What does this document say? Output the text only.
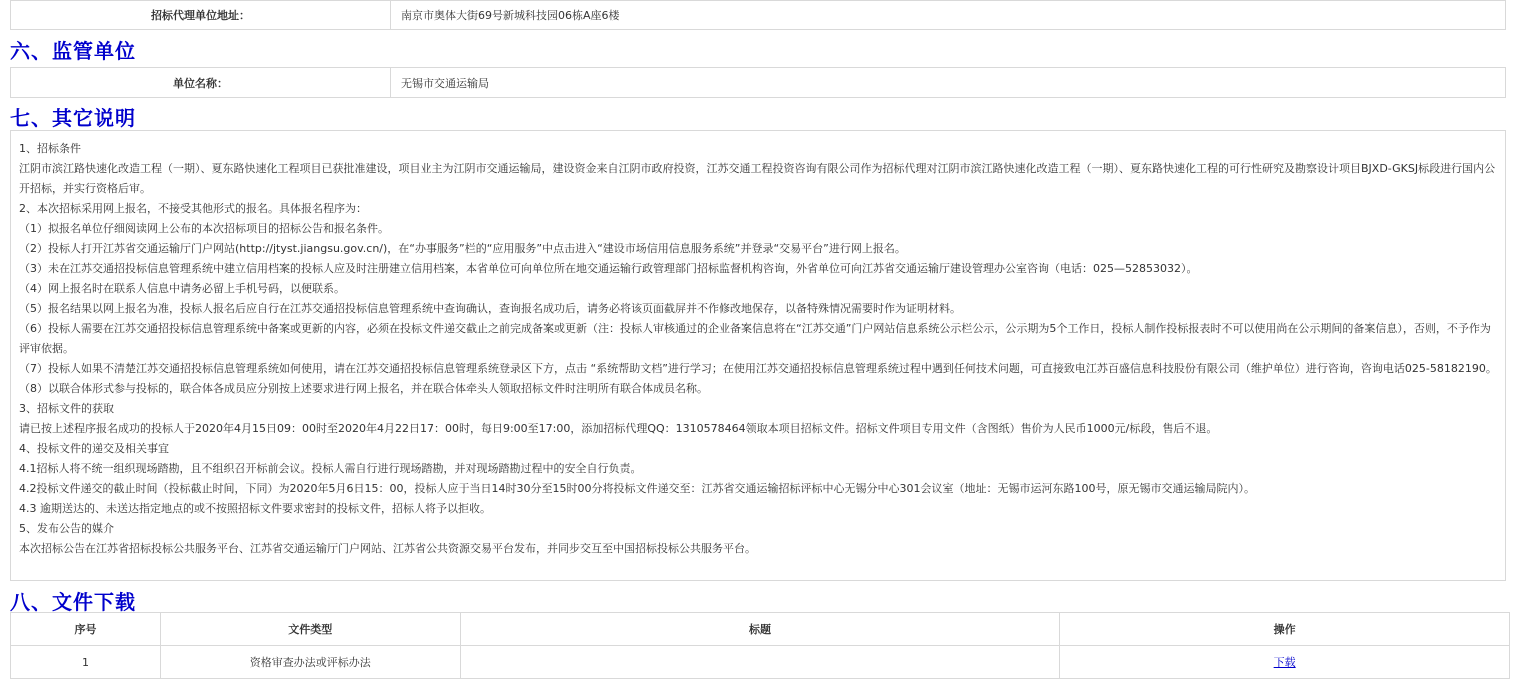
招标代理单位地址：	南京市奥体大街69号新城科技园06栋A座6楼
六、监管单位
单位名称：	无锡市交通运输局
七、其它说明

1、招标条件

江阴市滨江路快速化改造工程（一期）、夏东路快速化工程项目已获批准建设，项目业主为江阴市交通运输局，建设资金来自江阴市政府投资，江苏交通工程投资咨询有限公司作为招标代理对江阴市滨江路快速化改造工程（一期）、夏东路快速化工程的可行性研究及勘察设计项目BJXD-GKSJ标段进行国内公开招标，并实行资格后审。

2、本次招标采用网上报名，不接受其他形式的报名。具体报名程序为：

（1）拟报名单位仔细阅读网上公布的本次招标项目的招标公告和报名条件。

（2）投标人打开江苏省交通运输厅门户网站(http://jtyst.jiangsu.gov.cn/)，在“办事服务”栏的“应用服务”中点击进入“建设市场信用信息服务系统”并登录“交易平台”进行网上报名。

（3）未在江苏交通招投标信息管理系统中建立信用档案的投标人应及时注册建立信用档案，本省单位可向单位所在地交通运输行政管理部门招标监督机构咨询，外省单位可向江苏省交通运输厅建设管理办公室咨询（电话：025—52853032）。

（4）网上报名时在联系人信息中请务必留上手机号码，以便联系。

（5）报名结果以网上报名为准，投标人报名后应自行在江苏交通招投标信息管理系统中查询确认，查询报名成功后，请务必将该页面截屏并不作修改地保存，以备特殊情况需要时作为证明材料。

（6）投标人需要在江苏交通招投标信息管理系统中备案或更新的内容，必须在投标文件递交截止之前完成备案或更新（注：投标人审核通过的企业备案信息将在“江苏交通”门户网站信息系统公示栏公示，公示期为5个工作日，投标人制作投标报表时不可以使用尚在公示期间的备案信息），否则，不予作为评审依据。

（7）投标人如果不清楚江苏交通招投标信息管理系统如何使用，请在江苏交通招投标信息管理系统登录区下方，点击 “系统帮助文档”进行学习；在使用江苏交通招投标信息管理系统过程中遇到任何技术问题，可直接致电江苏百盛信息科技股份有限公司（维护单位）进行咨询，咨询电话025-58182190。

（8）以联合体形式参与投标的，联合体各成员应分别按上述要求进行网上报名，并在联合体牵头人领取招标文件时注明所有联合体成员名称。

3、招标文件的获取

请已按上述程序报名成功的投标人于2020年4月15日09：00时至2020年4月22日17：00时，每日9:00至17:00，添加招标代理QQ：1310578464领取本项目招标文件。招标文件项目专用文件（含图纸）售价为人民币1000元/标段，售后不退。

4、投标文件的递交及相关事宜

4.1招标人将不统一组织现场踏勘，且不组织召开标前会议。投标人需自行进行现场踏勘，并对现场踏勘过程中的安全自行负责。

4.2投标文件递交的截止时间（投标截止时间，下同）为2020年5月6日15：00，投标人应于当日14时30分至15时00分将投标文件递交至：江苏省交通运输招标评标中心无锡分中心301会议室（地址：无锡市运河东路100号，原无锡市交通运输局院内）。

4.3 逾期送达的、未送达指定地点的或不按照招标文件要求密封的投标文件，招标人将予以拒收。

5、发布公告的媒介

本次招标公告在江苏省招标投标公共服务平台、江苏省交通运输厅门户网站、江苏省公共资源交易平台发布，并同步交互至中国招标投标公共服务平台。

八、文件下载
序号	文件类型	标题	操作
1	资格审查办法或评标办法		下载
